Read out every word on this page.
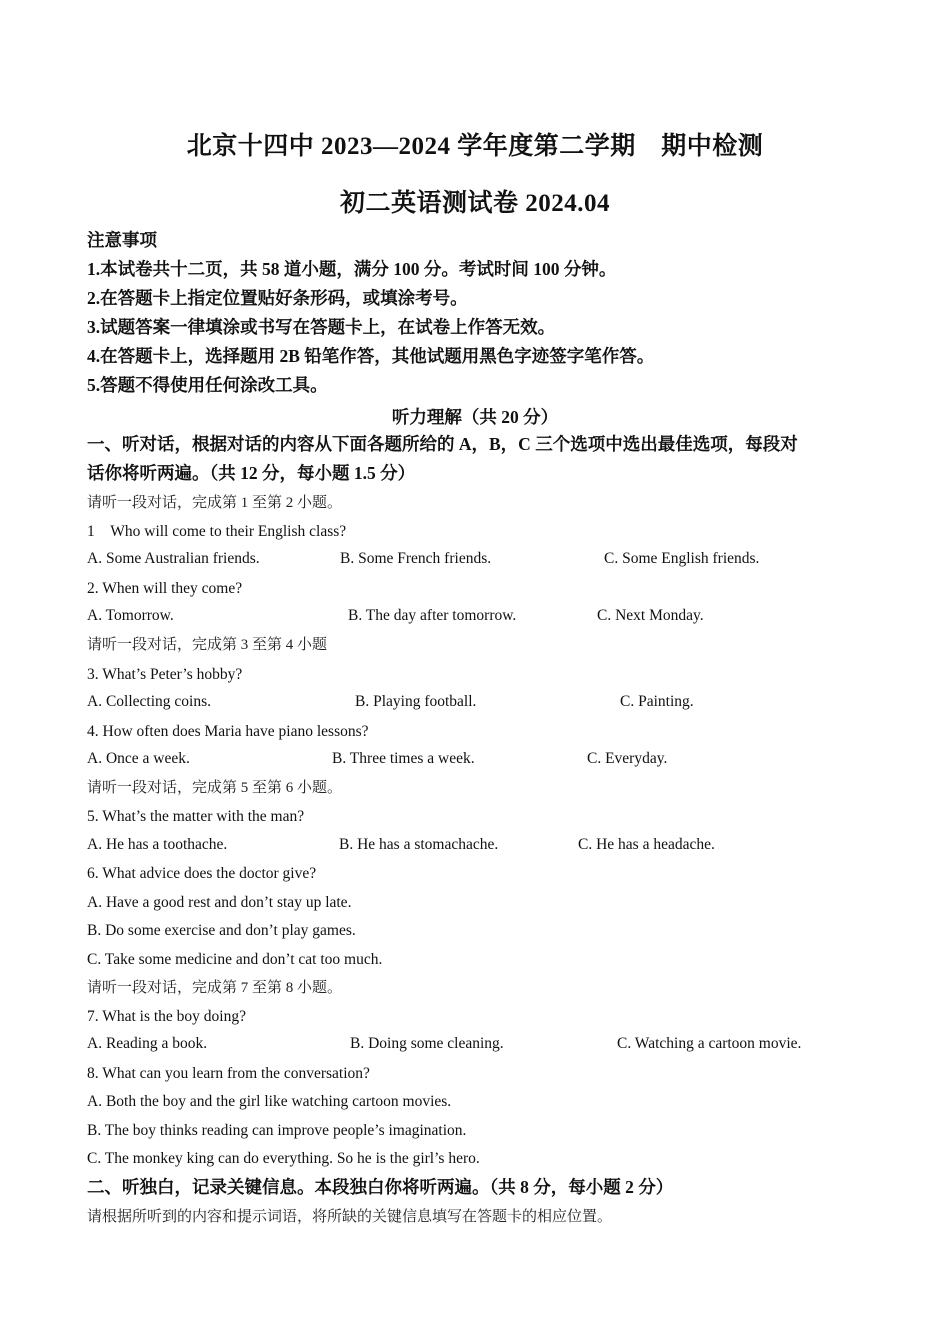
北京十四中 2023—2024 学年度第二学期　期中检测
初二英语测试卷 2024.04
注意事项
1.本试卷共十二页，共 58 道小题，满分 100 分。考试时间 100 分钟。
2.在答题卡上指定位置贴好条形码，或填涂考号。
3.试题答案一律填涂或书写在答题卡上，在试卷上作答无效。
4.在答题卡上，选择题用 2B 铅笔作答，其他试题用黑色字迹签字笔作答。
5.答题不得使用任何涂改工具。
听力理解（共 20 分）
一、听对话，根据对话的内容从下面各题所给的 A，B，C 三个选项中选出最佳选项，每段对
话你将听两遍。（共 12 分，每小题 1.5 分）
请听一段对话，完成第 1 至第 2 小题。
1　Who will come to their English class?
A. Some Australian friends.	B. Some French friends.	C. Some English friends.
2. When will they come?
A. Tomorrow.	B. The day after tomorrow.	C. Next Monday.
请听一段对话，完成第 3 至第 4 小题
3. What’s Peter’s hobby?
A. Collecting coins.	B. Playing football.	C. Painting.
4. How often does Maria have piano lessons?
A. Once a week.	B. Three times a week.	C. Everyday.
请听一段对话，完成第 5 至第 6 小题。
5. What’s the matter with the man?
A. He has a toothache.	B. He has a stomachache.	C. He has a headache.
6. What advice does the doctor give?
A. Have a good rest and don’t stay up late.
B. Do some exercise and don’t play games.
C. Take some medicine and don’t cat too much.
请听一段对话，完成第 7 至第 8 小题。
7. What is the boy doing?
A. Reading a book.	B. Doing some cleaning.	C. Watching a cartoon movie.
8. What can you learn from the conversation?
A. Both the boy and the girl like watching cartoon movies.
B. The boy thinks reading can improve people’s imagination.
C. The monkey king can do everything. So he is the girl’s hero.
二、听独白，记录关键信息。本段独白你将听两遍。（共 8 分，每小题 2 分）
请根据所听到的内容和提示词语，将所缺的关键信息填写在答题卡的相应位置。
